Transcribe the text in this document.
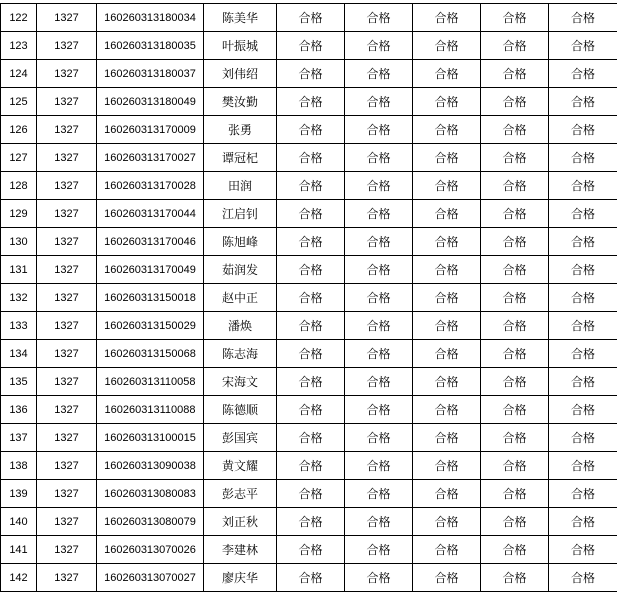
122	1327	160260313180034	陈美华	合格	合格	合格	合格	合格
123	1327	160260313180035	叶振城	合格	合格	合格	合格	合格
124	1327	160260313180037	刘伟绍	合格	合格	合格	合格	合格
125	1327	160260313180049	樊汝勤	合格	合格	合格	合格	合格
126	1327	160260313170009	张勇	合格	合格	合格	合格	合格
127	1327	160260313170027	谭冠杞	合格	合格	合格	合格	合格
128	1327	160260313170028	田润	合格	合格	合格	合格	合格
129	1327	160260313170044	江启钊	合格	合格	合格	合格	合格
130	1327	160260313170046	陈旭峰	合格	合格	合格	合格	合格
131	1327	160260313170049	茹润发	合格	合格	合格	合格	合格
132	1327	160260313150018	赵中正	合格	合格	合格	合格	合格
133	1327	160260313150029	潘焕	合格	合格	合格	合格	合格
134	1327	160260313150068	陈志海	合格	合格	合格	合格	合格
135	1327	160260313110058	宋海文	合格	合格	合格	合格	合格
136	1327	160260313110088	陈德顺	合格	合格	合格	合格	合格
137	1327	160260313100015	彭国宾	合格	合格	合格	合格	合格
138	1327	160260313090038	黄文耀	合格	合格	合格	合格	合格
139	1327	160260313080083	彭志平	合格	合格	合格	合格	合格
140	1327	160260313080079	刘正秋	合格	合格	合格	合格	合格
141	1327	160260313070026	李建林	合格	合格	合格	合格	合格
142	1327	160260313070027	廖庆华	合格	合格	合格	合格	合格
